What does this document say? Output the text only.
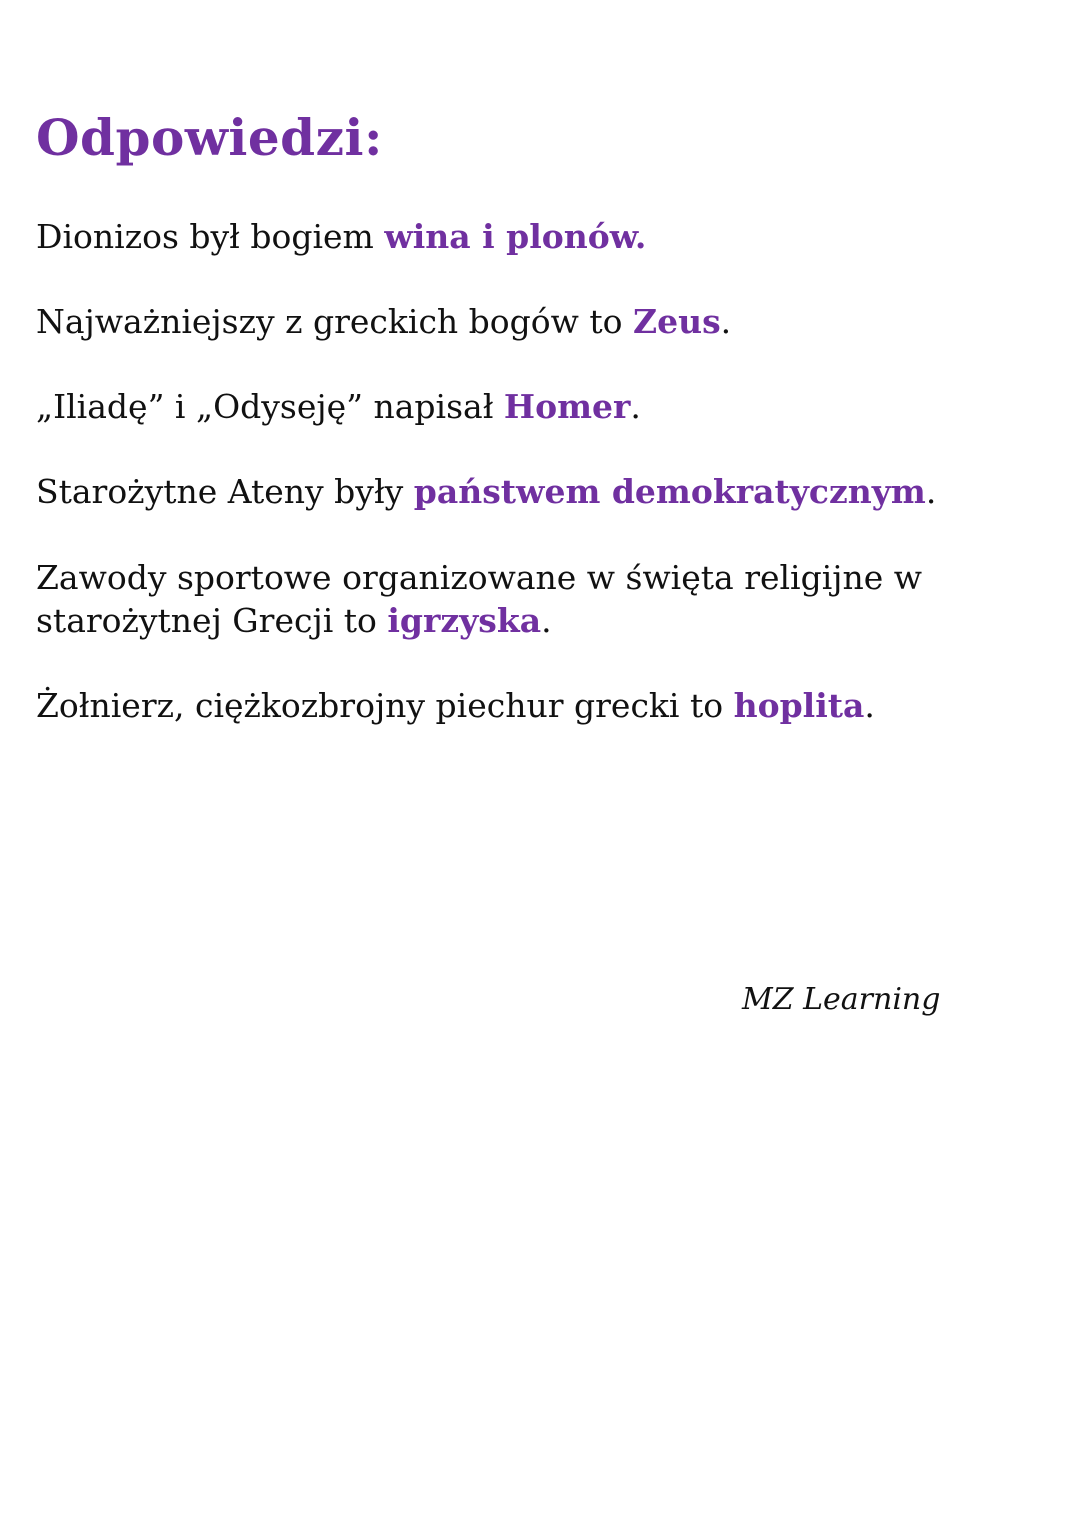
Odpowiedzi:

Dionizos był bogiem wina i plonów.

Najważniejszy z greckich bogów to Zeus.

„Iliadę” i „Odyseję” napisał Homer.

Starożytne Ateny były państwem demokratycznym.

Zawody sportowe organizowane w święta religijne w starożytnej Grecji to igrzyska.

Żołnierz, ciężkozbrojny piechur grecki to hoplita.

MZ Learning
